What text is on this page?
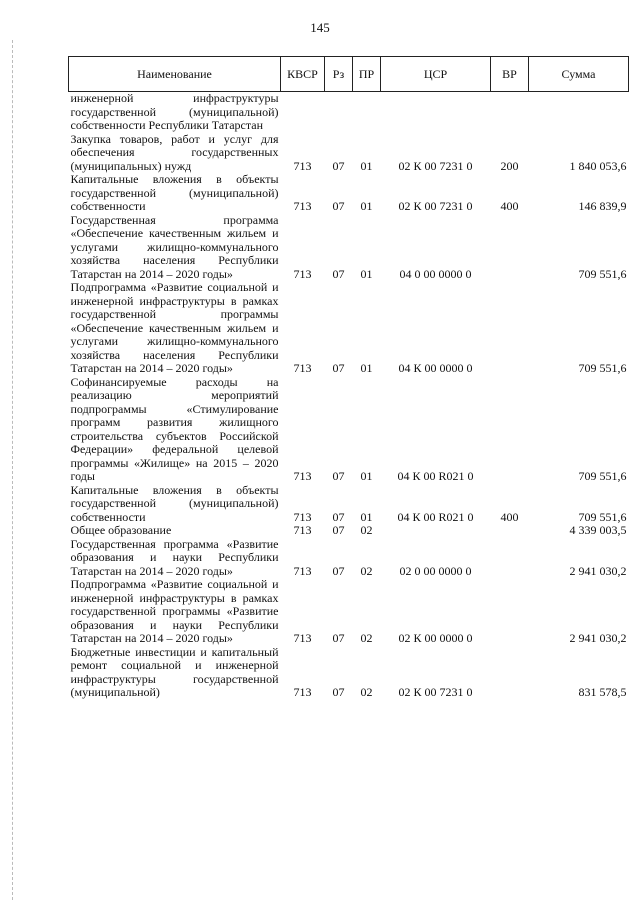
145
Наименование	КВСР	Рз	ПР	ЦСР	ВР	Сумма
инженерной инфраструктуры государственной (муниципальной) собственности Республики Татарстан						
Закупка товаров, работ и услуг для обеспечения государственных (муниципальных) нужд	713	07	01	02 К 00 7231 0	200	1 840 053,6
Капитальные вложения в объекты государственной (муниципальной) собственности	713	07	01	02 К 00 7231 0	400	146 839,9
Государственная программа «Обеспечение качественным жильем и услугами жилищно-коммунального хозяйства населения Республики Татарстан на 2014 – 2020 годы»	713	07	01	04 0 00 0000 0		709 551,6
Подпрограмма «Развитие социальной и инженерной инфраструктуры в рамках государственной программы «Обеспечение качественным жильем и услугами жилищно-коммунального хозяйства населения Республики Татарстан на 2014 – 2020 годы»	713	07	01	04 К 00 0000 0		709 551,6
Софинансируемые расходы на реализацию мероприятий подпрограммы «Стимулирование программ развития жилищного строительства субъектов Российской Федерации» федеральной целевой программы «Жилище» на 2015 – 2020 годы	713	07	01	04 К 00 R021 0		709 551,6
Капитальные вложения в объекты государственной (муниципальной) собственности	713	07	01	04 К 00 R021 0	400	709 551,6
Общее образование	713	07	02			4 339 003,5
Государственная программа «Развитие образования и науки Республики Татарстан на 2014 – 2020 годы»	713	07	02	02 0 00 0000 0		2 941 030,2
Подпрограмма «Развитие социальной и инженерной инфраструктуры в рамках государственной программы «Развитие образования и науки Республики Татарстан на 2014 – 2020 годы»	713	07	02	02 К 00 0000 0		2 941 030,2
Бюджетные инвестиции и капитальный ремонт социальной и инженерной инфраструктуры государственной (муниципальной)	713	07	02	02 К 00 7231 0		831 578,5
